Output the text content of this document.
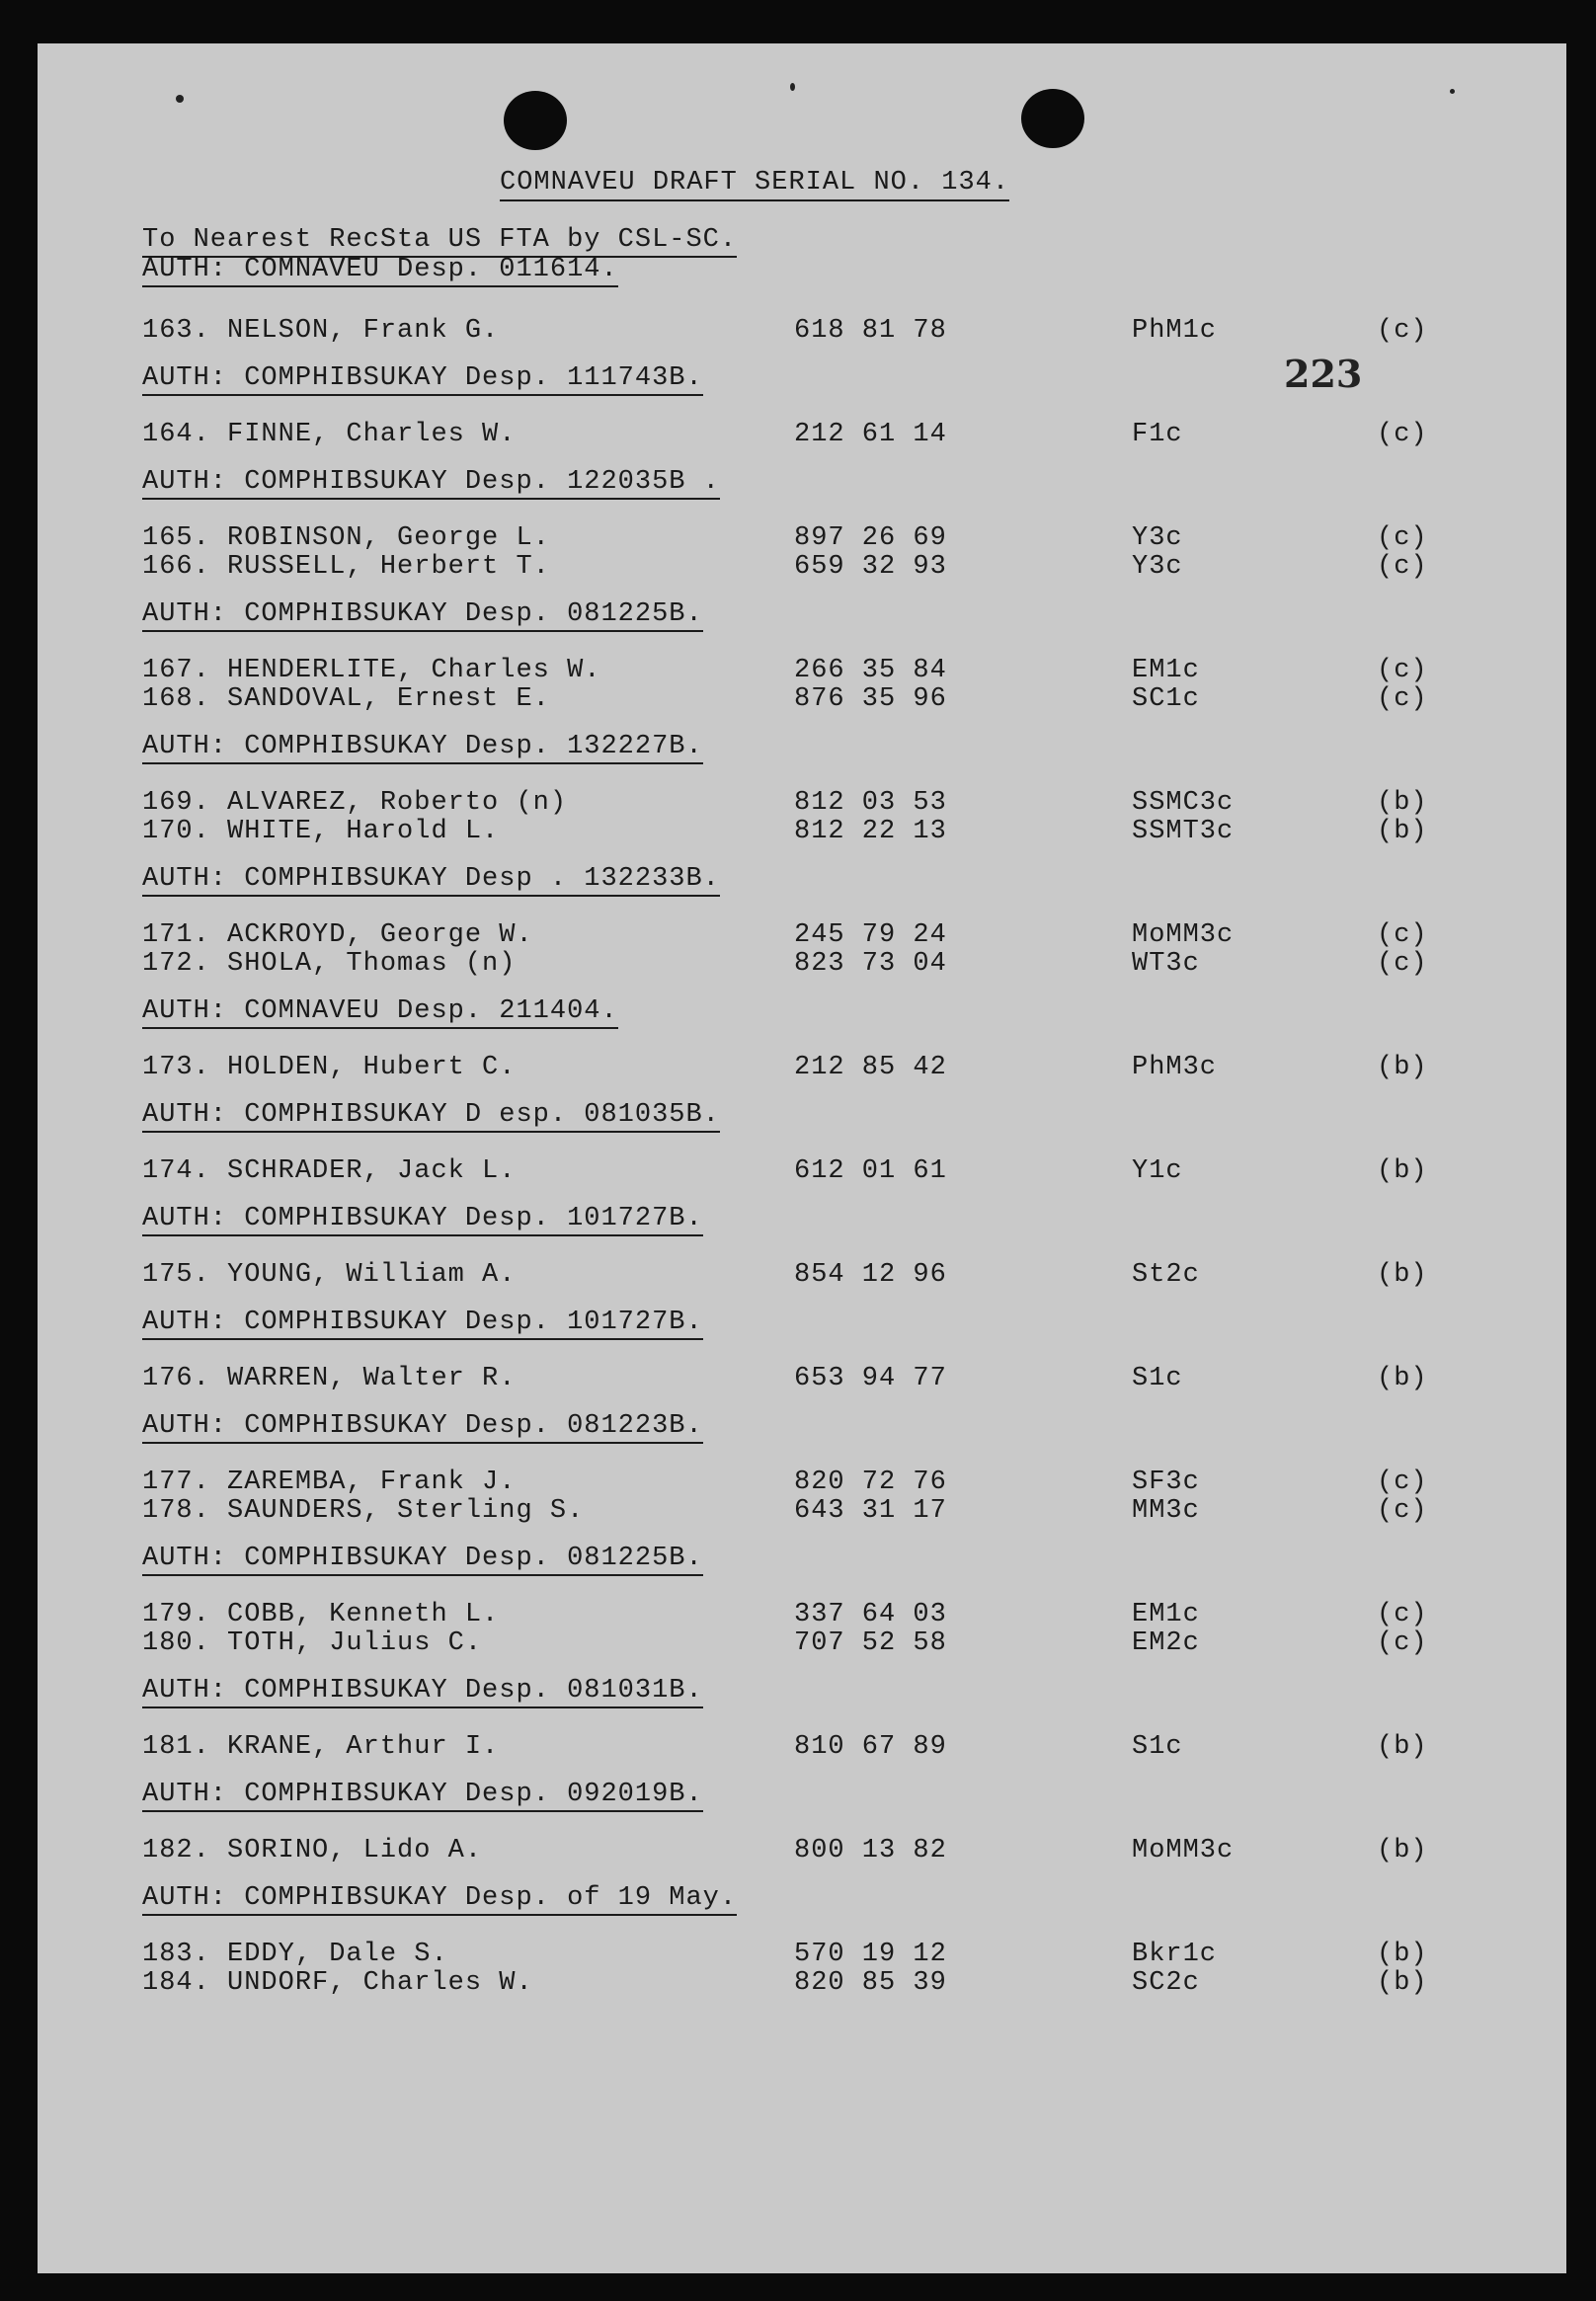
COMNAVEU DRAFT SERIAL NO. 134.
To Nearest RecSta US FTA by CSL-SC.
AUTH: COMNAVEU Desp. 011614.
223
163. NELSON, Frank G.	618 81 78	PhM1c	(c)
AUTH: COMPHIBSUKAY Desp. 111743B.
164. FINNE, Charles W.	212 61 14	F1c	(c)
AUTH: COMPHIBSUKAY Desp. 122035B .
165. ROBINSON, George L.	897 26 69	Y3c	(c)
166. RUSSELL, Herbert T.	659 32 93	Y3c	(c)
AUTH: COMPHIBSUKAY Desp. 081225B.
167. HENDERLITE, Charles W.	266 35 84	EM1c	(c)
168. SANDOVAL, Ernest E.	876 35 96	SC1c	(c)
AUTH: COMPHIBSUKAY Desp. 132227B.
169. ALVAREZ, Roberto (n)	812 03 53	SSMC3c	(b)
170. WHITE, Harold L.	812 22 13	SSMT3c	(b)
AUTH: COMPHIBSUKAY Desp . 132233B.
171. ACKROYD, George W.	245 79 24	MoMM3c	(c)
172. SHOLA, Thomas (n)	823 73 04	WT3c	(c)
AUTH: COMNAVEU Desp. 211404.
173. HOLDEN, Hubert C.	212 85 42	PhM3c	(b)
AUTH: COMPHIBSUKAY D esp. 081035B.
174. SCHRADER, Jack L.	612 01 61	Y1c	(b)
AUTH: COMPHIBSUKAY Desp. 101727B.
175. YOUNG, William A.	854 12 96	St2c	(b)
AUTH: COMPHIBSUKAY Desp. 101727B.
176. WARREN, Walter R.	653 94 77	S1c	(b)
AUTH: COMPHIBSUKAY Desp. 081223B.
177. ZAREMBA, Frank J.	820 72 76	SF3c	(c)
178. SAUNDERS, Sterling S.	643 31 17	MM3c	(c)
AUTH: COMPHIBSUKAY Desp. 081225B.
179. COBB, Kenneth L.	337 64 03	EM1c	(c)
180. TOTH, Julius C.	707 52 58	EM2c	(c)
AUTH: COMPHIBSUKAY Desp. 081031B.
181. KRANE, Arthur I.	810 67 89	S1c	(b)
AUTH: COMPHIBSUKAY Desp. 092019B.
182. SORINO, Lido A.	800 13 82	MoMM3c	(b)
AUTH: COMPHIBSUKAY Desp. of 19 May.
183. EDDY, Dale S.	570 19 12	Bkr1c	(b)
184. UNDORF, Charles W.	820 85 39	SC2c	(b)
